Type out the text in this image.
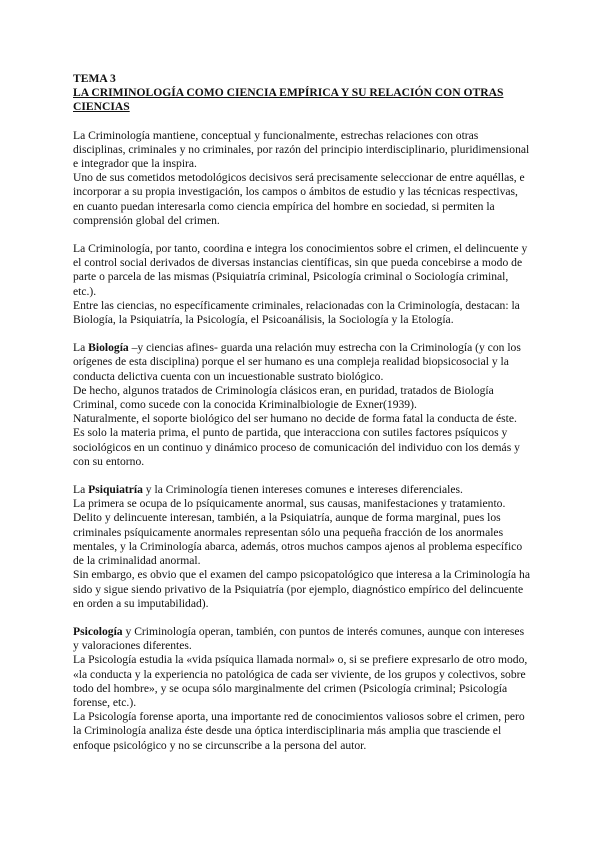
TEMA 3
LA CRIMINOLOGÍA COMO CIENCIA EMPÍRICA Y SU RELACIÓN CON OTRAS CIENCIAS

La Criminología mantiene, conceptual y funcionalmente, estrechas relaciones con otras disciplinas, criminales y no criminales, por razón del principio interdisciplinario, pluridimensional e integrador que la inspira.

Uno de sus cometidos metodológicos decisivos será precisamente seleccionar de entre aquéllas, e incorporar a su propia investigación, los campos o ámbitos de estudio y las técnicas respectivas, en cuanto puedan interesarla como ciencia empírica del hombre en sociedad, si permiten la comprensión global del crimen.

La Criminología, por tanto, coordina e integra los conocimientos sobre el crimen, el delincuente y el control social derivados de diversas instancias científicas, sin que pueda concebirse a modo de parte o parcela de las mismas (Psiquiatría criminal, Psicología criminal o Sociología criminal, etc.).

Entre las ciencias, no específicamente criminales, relacionadas con la Criminología, destacan: la Biología, la Psiquiatría, la Psicología, el Psicoanálisis, la Sociología y la Etología.

La Biología –y ciencias afines- guarda una relación muy estrecha con la Criminología (y con los orígenes de esta disciplina) porque el ser humano es una compleja realidad biopsicosocial y la conducta delictiva cuenta con un incuestionable sustrato biológico.

De hecho, algunos tratados de Criminología clásicos eran, en puridad, tratados de Biología Criminal, como sucede con la conocida Kriminalbiologie de Exner(1939).

Naturalmente, el soporte biológico del ser humano no decide de forma fatal la conducta de éste.

Es solo la materia prima, el punto de partida, que interacciona con sutiles factores psíquicos y sociológicos en un continuo y dinámico proceso de comunicación del individuo con los demás y con su entorno.

La Psiquiatría y la Criminología tienen intereses comunes e intereses diferenciales.

La primera se ocupa de lo psíquicamente anormal, sus causas, manifestaciones y tratamiento.

Delito y delincuente interesan, también, a la Psiquiatría, aunque de forma marginal, pues los criminales psíquicamente anormales representan sólo una pequeña fracción de los anormales mentales, y la Criminología abarca, además, otros muchos campos ajenos al problema específico de la criminalidad anormal.

Sin embargo, es obvio que el examen del campo psicopatológico que interesa a la Criminología ha sido y sigue siendo privativo de la Psiquiatría (por ejemplo, diagnóstico empírico del delincuente en orden a su imputabilidad).

Psicología y Criminología operan, también, con puntos de interés comunes, aunque con intereses y valoraciones diferentes.

La Psicología estudia la «vida psíquica llamada normal» o, si se prefiere expresarlo de otro modo, «la conducta y la experiencia no patológica de cada ser viviente, de los grupos y colectivos, sobre todo del hombre», y se ocupa sólo marginalmente del crimen (Psicología criminal; Psicología forense, etc.).

La Psicología forense aporta, una importante red de conocimientos valiosos sobre el crimen, pero la Criminología analiza éste desde una óptica interdisciplinaria más amplia que trasciende el enfoque psicológico y no se circunscribe a la persona del autor.
